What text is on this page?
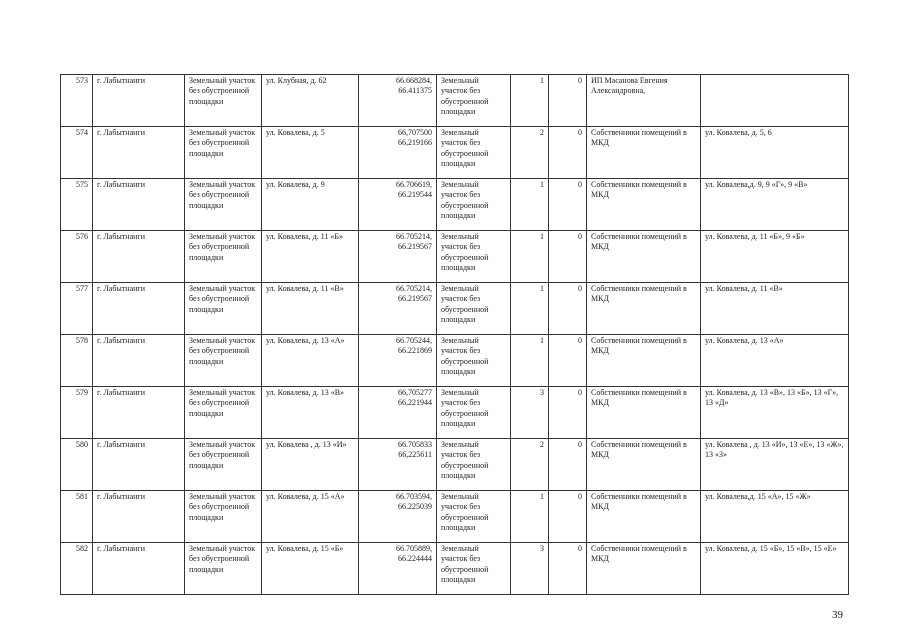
573	г. Лабытнанги	Земельный участок без обустроенной площадки	ул. Клубная, д. 62	66.668284, 66.411375	Земельный участок без обустроенной площадки	1	0	ИП Масанова Евгения Александровна,	
574	г. Лабытнанги	Земельный участок без обустроенной площадки	ул. Ковалева, д. 5	66,707500 66,219166	Земельный участок без обустроенной площадки	2	0	Собственники помещений в МКД	ул. Ковалева, д. 5, 6
575	г. Лабытнанги	Земельный участок без обустроенной площадки	ул. Ковалева, д. 9	66.706619, 66.219544	Земельный участок без обустроенной площадки	1	0	Собственники помещений в МКД	ул. Ковалева,д. 9, 9 «Г», 9 «В»
576	г. Лабытнанги	Земельный участок без обустроенной площадки	ул. Ковалева, д. 11 «Б»	66.705214, 66.219567	Земельный участок без обустроенной площадки	1	0	Собственники помещений в МКД	ул. Ковалева, д. 11 «Б», 9 «Б»
577	г. Лабытнанги	Земельный участок без обустроенной площадки	ул. Ковалева, д. 11 «В»	66.705214, 66.219567	Земельный участок без обустроенной площадки	1	0	Собственники помещений в МКД	ул. Ковалева, д. 11 «В»
578	г. Лабытнанги	Земельный участок без обустроенной площадки	ул. Ковалева, д. 13 «А»	66.705244, 66.221869	Земельный участок без обустроенной площадки	1	0	Собственники помещений в МКД	ул. Ковалева, д. 13 «А»
579	г. Лабытнанги	Земельный участок без обустроенной площадки	ул. Ковалева, д. 13 «В»	66,705277 66,221944	Земельный участок без обустроенной площадки	3	0	Собственники помещений в МКД	ул. Ковалева, д. 13 «В», 13 «Б», 13 «Г», 13 «Д»
580	г. Лабытнанги	Земельный участок без обустроенной площадки	ул. Ковалева , д. 13 «И»	66.705833 66,225611	Земельный участок без обустроенной площадки	2	0	Собственники помещений в МКД	ул. Ковалева , д. 13 «И», 13 «Е», 13 «Ж», 13 «З»
581	г. Лабытнанги	Земельный участок без обустроенной площадки	ул. Ковалева, д. 15 «А»	66.703594, 66.225039	Земельный участок без обустроенной площадки	1	0	Собственники помещений в МКД	ул. Ковалева,д. 15 «А», 15 «Ж»
582	г. Лабытнанги	Земельный участок без обустроенной площадки	ул. Ковалева, д. 15 «Б»	66.705889, 66.224444	Земельный участок без обустроенной площадки	3	0	Собственники помещений в МКД	ул. Ковалева, д. 15 «Б», 15 «В», 15 «Е»
39
